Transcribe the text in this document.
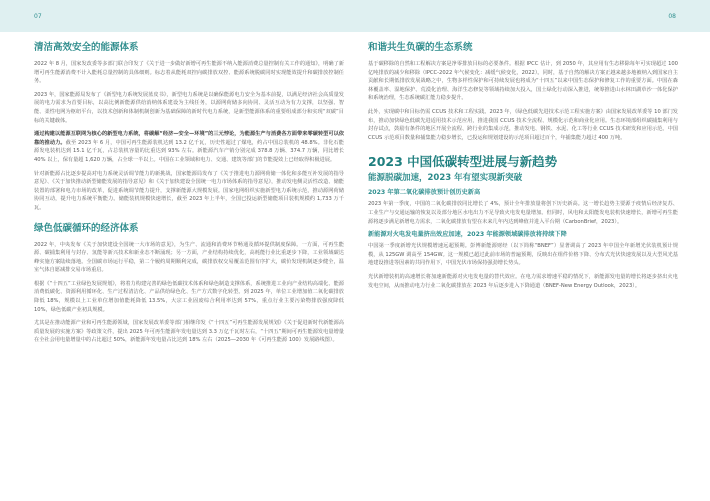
07	08
清洁高效安全的能源体系

2022 年 8 月，国家发改委等多部门联合印发了《关于进一步做好新增可再生能源不纳入能源消费总量控制有关工作的通知》，明确了新增可再生能源消费不计入能耗总量控制的具体细则。标志着从能耗双控向碳排放双控、能源系统脱碳同时实现能效提升和碳排放控制任务。

2023 年，国家能源局发布了《新型电力系统发展蓝皮书》，新型电力系统是以确保能源电力安全为基本前提，以满足经济社会高质量发展的电力需求为首要目标，以高比例新能源供给消纳体系建设为主线任务，以源网荷储多向协同、灵活互动为有力支撑，以坚强、智能、柔性电网为枢纽平台，以技术创新和体制机制创新为基础保障的新时代电力系统，是新型能源体系的重要组成部分和实现“双碳”目标的关键载体。

通过构建以能源互联网为核心的新型电力系统，将碳解“经济—安全—环境”的三元悖论，为能源生产与消费各方面带来零碳转型可以依靠的推动力。截至 2023 年 6 月，中国可再生能源装机达到 13.2 亿千瓦，历史性超过了煤电，约占中国总装机的 48.8%。非化石能源发电装机达到 15.1 亿千瓦，占总装机容量的比重达到 93% 左右。新能源汽车产销分别完成 378.8 万辆、374.7 万辆，同比增长 40% 以上，保有量超 1,620 万辆，占全球一半以上。中国在工业领域和电力、交通、建筑等部门的节能提效上已经取得积极进展。

针对新能源占比逐步提高对电力系统灵活调节能力的新挑战，国家能源局发布了《关于推进电力源网荷储一体化和多能互补发展的指导意见》、《关于加快推动新型储能发展的指导意见》和《关于加快建设全国统一电力市场体系的指导意见》，推动发电侧灵活性改造、储能装置的部署和电力市场的改革，促进系统调节能力提升，支撑新能源大规模发展。国家电网组织实施新型电力系统示范，推动源网荷储协同互动，提升电力系统平衡能力。储能装机规模快速增长，截至 2023 年上半年，全国已投运新型储能项目装机规模约 1,733 万千瓦。

绿色低碳循环的经济体系

2022 年，中央发布《关于加快建设全国统一大市场的意见》，为生产、流通和消费环节畅通及循环提供制度保障。一方面，可再生能源、碳捕集利用与封存、氢能等新兴技术和新业态不断涌现；另一方面，产业结构持续优化，高耗能行业比重逐步下降，工业领域碳达峰实施方案陆续落地。全国碳市场运行平稳，第二个履约周期顺利完成，碳排放权交易覆盖范围有序扩大，碳价发现机制逐步健全，温室气体自愿减排交易市场重启。

根据《“十四五”工业绿色发展规划》，将着力构建完善的绿色低碳技术体系和绿色制造支撑体系，系统推进工业向产业结构高端化、能源消费低碳化、资源利用循环化、生产过程清洁化、产品供给绿色化、生产方式数字化转型。到 2025 年，单位工业增加值二氧化碳排放降低 18%，规模以上工业单位增加值能耗降低 13.5%，大宗工业固废综合利用率达到 57%，重点行业主要污染物排放强度降低 10%，绿色低碳产业初具规模。

尤其是在推动能源产业和可再生能源领域，国家发展改革委等部门相继印发《“十四五”可再生能源发展规划》《关于促进新时代新能源高质量发展的实施方案》等政策文件，提出 2025 年可再生能源年发电量达到 3.3 万亿千瓦时左右，“十四五”期间可再生能源发电量增量在全社会用电量增量中的占比超过 50%，新能源年发电量占比达到 18% 左右（2025—2030 年《可再生能源 100》发展路线图）。

和谐共生负碳的生态系统

基于碳移除的自然和工程解决方案是净零排放目标的必要条件。根据 IPCC 估计，到 2050 年，其应用有生态移除每年可实现超过 100 亿吨排放的减少和移除（IPCC-2022 年气候变化：减缓气候变化，2022）。同时，基于自然的解决方案正越来越多地被纳入到国家自主贡献和长期低排放发展战略之中，生物多样性保护和可持续发展也将成为“十四五”以来中国生态保护和修复工作的重要方面。中国在森林覆盖率、湿地保护、荒漠化治理、海洋生态修复等领域持续加大投入，国土绿化行动深入推进，统筹推进山水林田湖草沙一体化保护和系统治理，生态系统碳汇能力稳步提升。

此外，实现碳中和目标仍需 CCUS 技术和工程实践。2023 年，《绿色低碳先进技术示范工程实施方案》由国家发展改革委等 10 部门发布，推动加快绿色低碳先进适用技术示范应用，推进我国 CCUS 技术全流程、规模化示范和商业化应用。生态环境部组织碳捕集利用与封存试点，鼓励有条件的地区开展全流程、跨行业的集成示范，推动发电、钢铁、水泥、化工等行业 CCUS 技术研发和应用示范。中国 CCUS 示范项目数量和捕集能力稳步增长，已投运和规划建设的示范项目超过百个，年捕集能力超过 400 万吨。

2023 中国低碳转型进展与新趋势
能源脱碳加速，2023 年有望实现新突破
2023 年第二氧化碳排放预计创历史新高

2023 年第一季度，中国的二氧化碳排放同比增长了 4%，预计全年排放量将创下历史新高。这一增长趋势主要源于疫情后经济复苏、工业生产与交通运输的恢复以及部分地区水电出力不足导致火电发电量增加。但同时，风电和太阳能发电装机快速增长，新增可再生能源将逐步满足新增电力需求，二氧化碳排放有望在未来几年内达到峰值并进入平台期（CarbonBrief，2023）。

新能源对火电发电量挤出效应加速，2023 年能源领域碳排放将持续下降

中国第一季度新增光伏规模增速远超预期。彭博新能源财经（以下简称“BNEF”）显著调高了 2023 年中国全年新增光伏装机预计规模，从 125GW 调高至 154GW。这一规模已超过此前市场的普遍预期，反映出在组件价格下降、分布式光伏快速发展以及大型风光基地建设推进等因素的共同作用下，中国光伏市场保持强劲增长势头。

光伏新增装机的高速增长将加速新能源对火电发电量的替代效应。在电力需求增速平稳的情况下，新能源发电量的增长将逐步挤出火电发电空间，从而推动电力行业二氧化碳排放在 2023 年后逐步进入下降通道（BNEF-New Energy Outlook，2023）。
